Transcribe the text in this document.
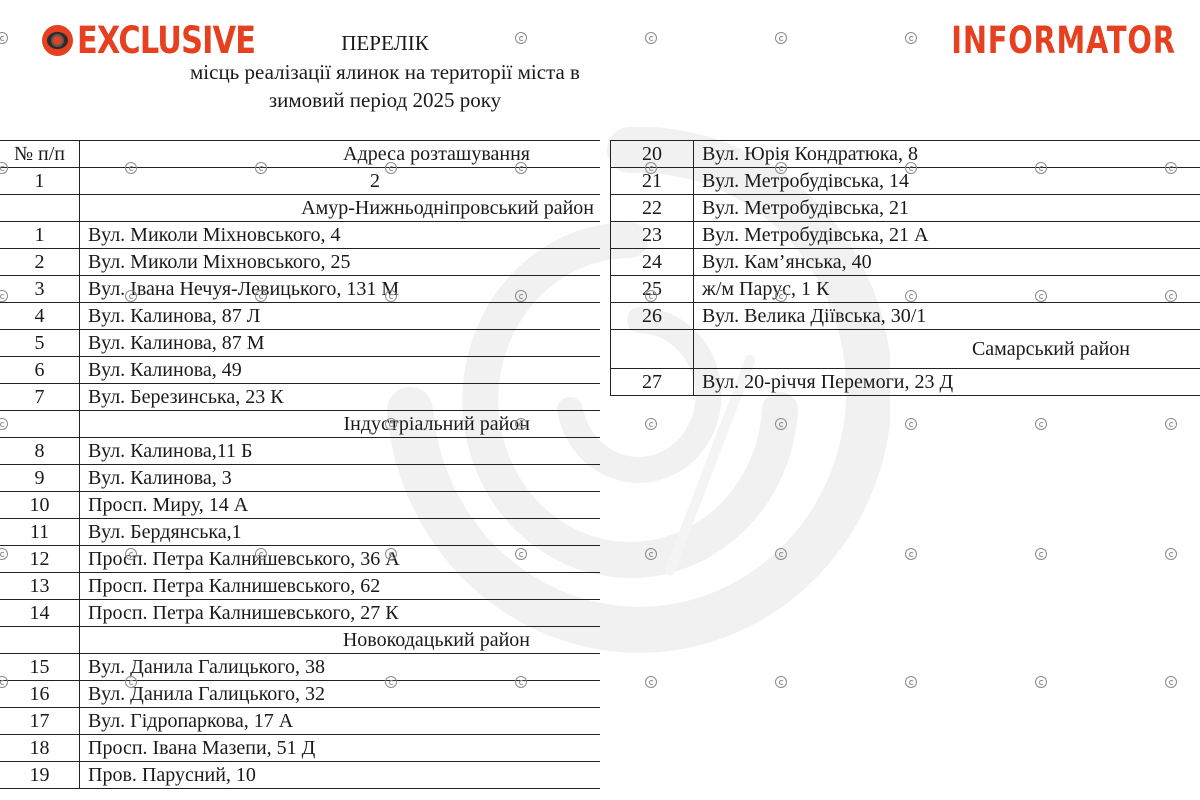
EXCLUSIVE	INFORMATOR
ПЕРЕЛІК
місць реалізації ялинок на території міста в
зимовий період 2025 року
№ п/п	Адреса розташування
1	2
	Амур-Нижньодніпровський район
1	Вул. Миколи Міхновського, 4
2	Вул. Миколи Міхновського, 25
3	Вул. Івана Нечуя-Левицького, 131 М
4	Вул. Калинова, 87 Л
5	Вул. Калинова, 87 М
6	Вул. Калинова, 49
7	Вул. Березинська, 23 К
	Індустріальний район
8	Вул. Калинова,11 Б
9	Вул. Калинова, 3
10	Просп. Миру, 14 А
11	Вул. Бердянська,1
12	Просп. Петра Калнишевського, 36 А
13	Просп. Петра Калнишевського, 62
14	Просп. Петра Калнишевського, 27 К
	Новокодацький район
15	Вул. Данила Галицького, 38
16	Вул. Данила Галицького, 32
17	Вул. Гідропаркова, 17 А
18	Просп. Івана Мазепи, 51 Д
19	Пров. Парусний, 10
20	Вул. Юрія Кондратюка, 8
21	Вул. Метробудівська, 14
22	Вул. Метробудівська, 21
23	Вул. Метробудівська, 21 А
24	Вул. Кам’янська, 40
25	ж/м Парус, 1 К
26	Вул. Велика Діївська, 30/1
	Самарський район
27	Вул. 20-річчя Перемоги, 23 Д
